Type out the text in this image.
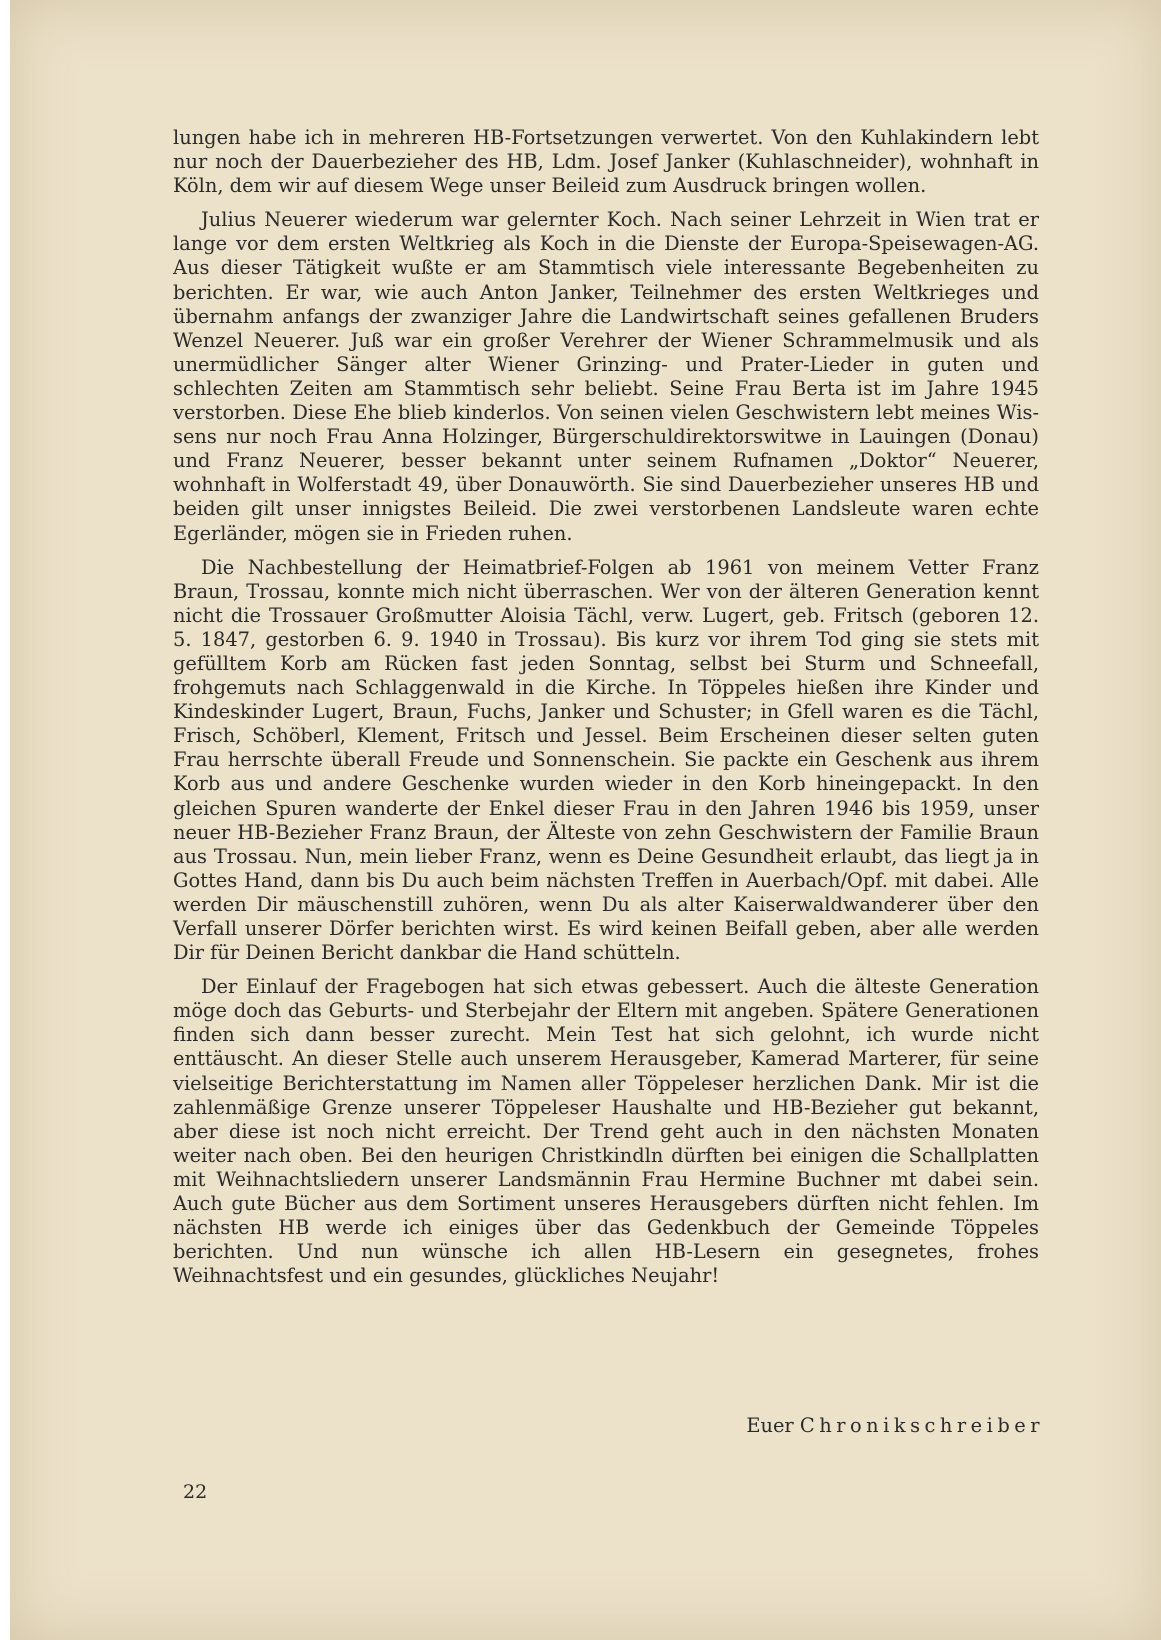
lungen habe ich in mehreren HB-Fortsetzungen verwertet. Von den Kuhlakindern lebt nur noch der Dauerbezieher des HB, Ldm. Josef Janker (Kuhlaschneider), wohnhaft in Köln, dem wir auf diesem Wege unser Beileid zum Ausdruck bringen wollen.

Julius Neuerer wiederum war gelernter Koch. Nach seiner Lehrzeit in Wien trat er lange vor dem ersten Weltkrieg als Koch in die Dienste der Europa-Speisewagen-AG. Aus dieser Tätigkeit wußte er am Stammtisch viele interessante Begebenheiten zu berichten. Er war, wie auch Anton Janker, Teilnehmer des ersten Weltkrieges und übernahm anfangs der zwanziger Jahre die Landwirtschaft seines gefallenen Bruders Wenzel Neuerer. Juß war ein großer Verehrer der Wiener Schrammelmusik und als unermüdlicher Sänger alter Wiener Grinzing- und Prater-Lieder in guten und schlechten Zeiten am Stammtisch sehr beliebt. Seine Frau Berta ist im Jahre 1945 verstorben. Diese Ehe blieb kinderlos. Von seinen vielen Geschwistern lebt meines Wissens nur noch Frau Anna Holzinger, Bürgerschuldirektorswitwe in Lauingen (Donau) und Franz Neuerer, besser bekannt unter seinem Rufnamen „Doktor“ Neuerer, wohnhaft in Wolferstadt 49, über Donauwörth. Sie sind Dauerbezieher unseres HB und beiden gilt unser innigstes Beileid. Die zwei verstorbenen Landsleute waren echte Egerländer, mögen sie in Frieden ruhen.

Die Nachbestellung der Heimatbrief-Folgen ab 1961 von meinem Vetter Franz Braun, Trossau, konnte mich nicht überraschen. Wer von der älteren Generation kennt nicht die Trossauer Großmutter Aloisia Tächl, verw. Lugert, geb. Fritsch (geboren 12. 5. 1847, gestorben 6. 9. 1940 in Trossau). Bis kurz vor ihrem Tod ging sie stets mit gefülltem Korb am Rücken fast jeden Sonntag, selbst bei Sturm und Schneefall, frohgemuts nach Schlaggenwald in die Kirche. In Töppeles hießen ihre Kinder und Kindeskinder Lugert, Braun, Fuchs, Janker und Schuster; in Gfell waren es die Tächl, Frisch, Schöberl, Klement, Fritsch und Jessel. Beim Erscheinen dieser selten guten Frau herrschte überall Freude und Sonnenschein. Sie packte ein Geschenk aus ihrem Korb aus und andere Geschenke wurden wieder in den Korb hineingepackt. In den gleichen Spuren wanderte der Enkel dieser Frau in den Jahren 1946 bis 1959, unser neuer HB-Bezieher Franz Braun, der Älteste von zehn Geschwistern der Familie Braun aus Trossau. Nun, mein lieber Franz, wenn es Deine Gesundheit erlaubt, das liegt ja in Gottes Hand, dann bis Du auch beim nächsten Treffen in Auerbach/Opf. mit dabei. Alle werden Dir mäuschenstill zuhören, wenn Du als alter Kaiserwaldwanderer über den Verfall unserer Dörfer berichten wirst. Es wird keinen Beifall geben, aber alle werden Dir für Deinen Bericht dankbar die Hand schütteln.

Der Einlauf der Fragebogen hat sich etwas gebessert. Auch die älteste Generation möge doch das Geburts- und Sterbejahr der Eltern mit angeben. Spätere Generationen finden sich dann besser zurecht. Mein Test hat sich gelohnt, ich wurde nicht enttäuscht. An dieser Stelle auch unserem Herausgeber, Kamerad Marterer, für seine vielseitige Berichterstattung im Namen aller Töppeleser herzlichen Dank. Mir ist die zahlenmäßige Grenze unserer Töppeleser Haushalte und HB-Bezieher gut bekannt, aber diese ist noch nicht erreicht. Der Trend geht auch in den nächsten Monaten weiter nach oben. Bei den heurigen Christkindln dürften bei einigen die Schallplatten mit Weihnachtsliedern unserer Landsmännin Frau Hermine Buchner mt dabei sein. Auch gute Bücher aus dem Sortiment unseres Herausgebers dürften nicht fehlen. Im nächsten HB werde ich einiges über das Gedenkbuch der Gemeinde Töppeles berichten. Und nun wünsche ich allen HB-Lesern ein gesegnetes, frohes Weihnachtsfest und ein gesundes, glückliches Neujahr!

Euer Chronikschreiber
22
